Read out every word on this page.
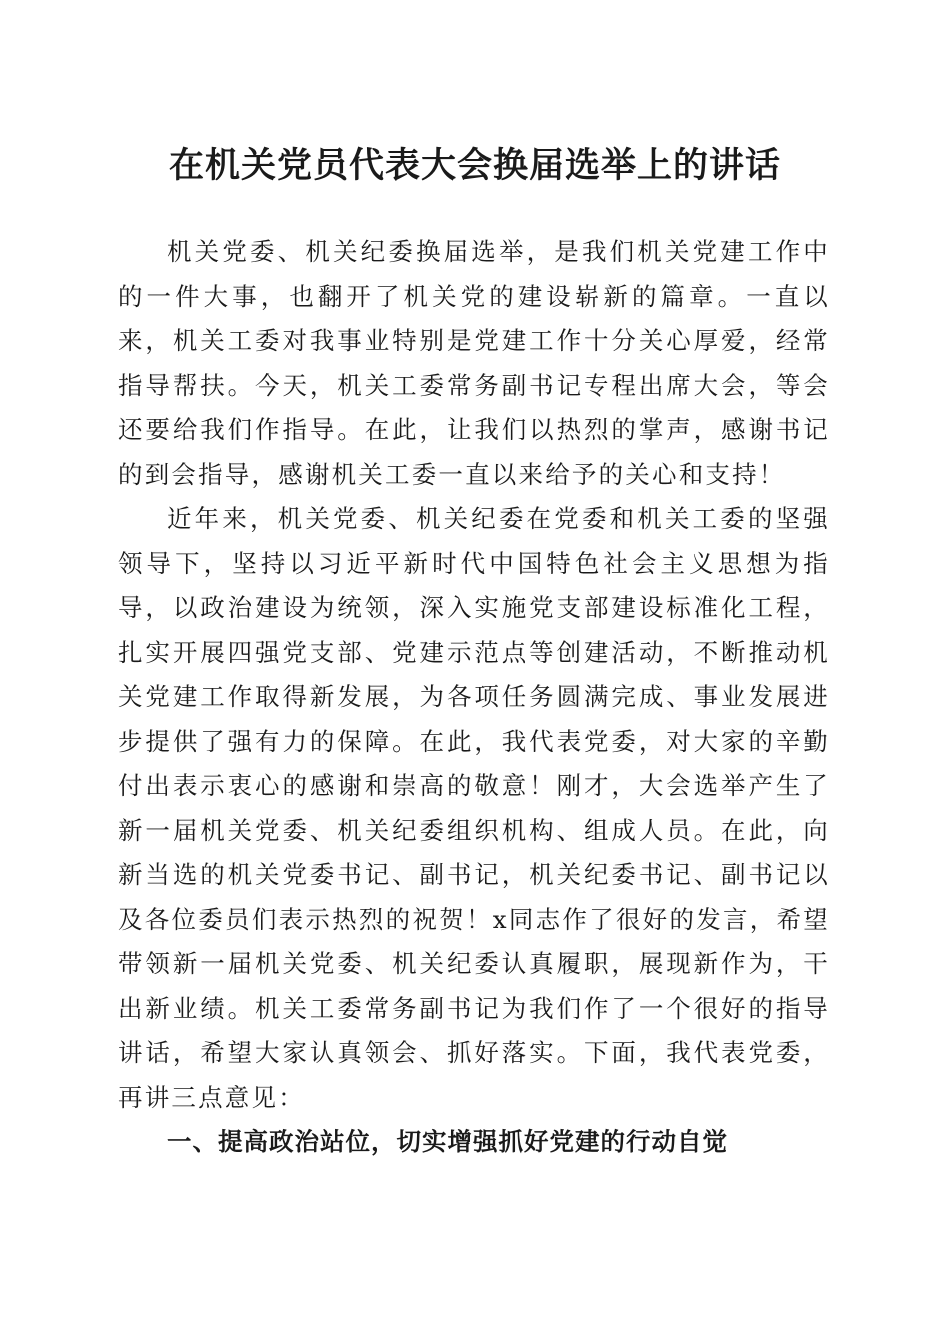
在机关党员代表大会换届选举上的讲话

机关党委、机关纪委换届选举，是我们机关党建工作中的一件大事，也翻开了机关党的建设崭新的篇章。一直以来，机关工委对我事业特别是党建工作十分关心厚爱，经常指导帮扶。今天，机关工委常务副书记专程出席大会，等会还要给我们作指导。在此，让我们以热烈的掌声，感谢书记的到会指导，感谢机关工委一直以来给予的关心和支持！

近年来，机关党委、机关纪委在党委和机关工委的坚强领导下，坚持以习近平新时代中国特色社会主义思想为指导，以政治建设为统领，深入实施党支部建设标准化工程，扎实开展四强党支部、党建示范点等创建活动，不断推动机关党建工作取得新发展，为各项任务圆满完成、事业发展进步提供了强有力的保障。在此，我代表党委，对大家的辛勤付出表示衷心的感谢和崇高的敬意！刚才，大会选举产生了新一届机关党委、机关纪委组织机构、组成人员。在此，向新当选的机关党委书记、副书记，机关纪委书记、副书记以及各位委员们表示热烈的祝贺！x同志作了很好的发言，希望带领新一届机关党委、机关纪委认真履职，展现新作为，干出新业绩。机关工委常务副书记为我们作了一个很好的指导讲话，希望大家认真领会、抓好落实。下面，我代表党委，再讲三点意见：

一、提高政治站位，切实增强抓好党建的行动自觉
